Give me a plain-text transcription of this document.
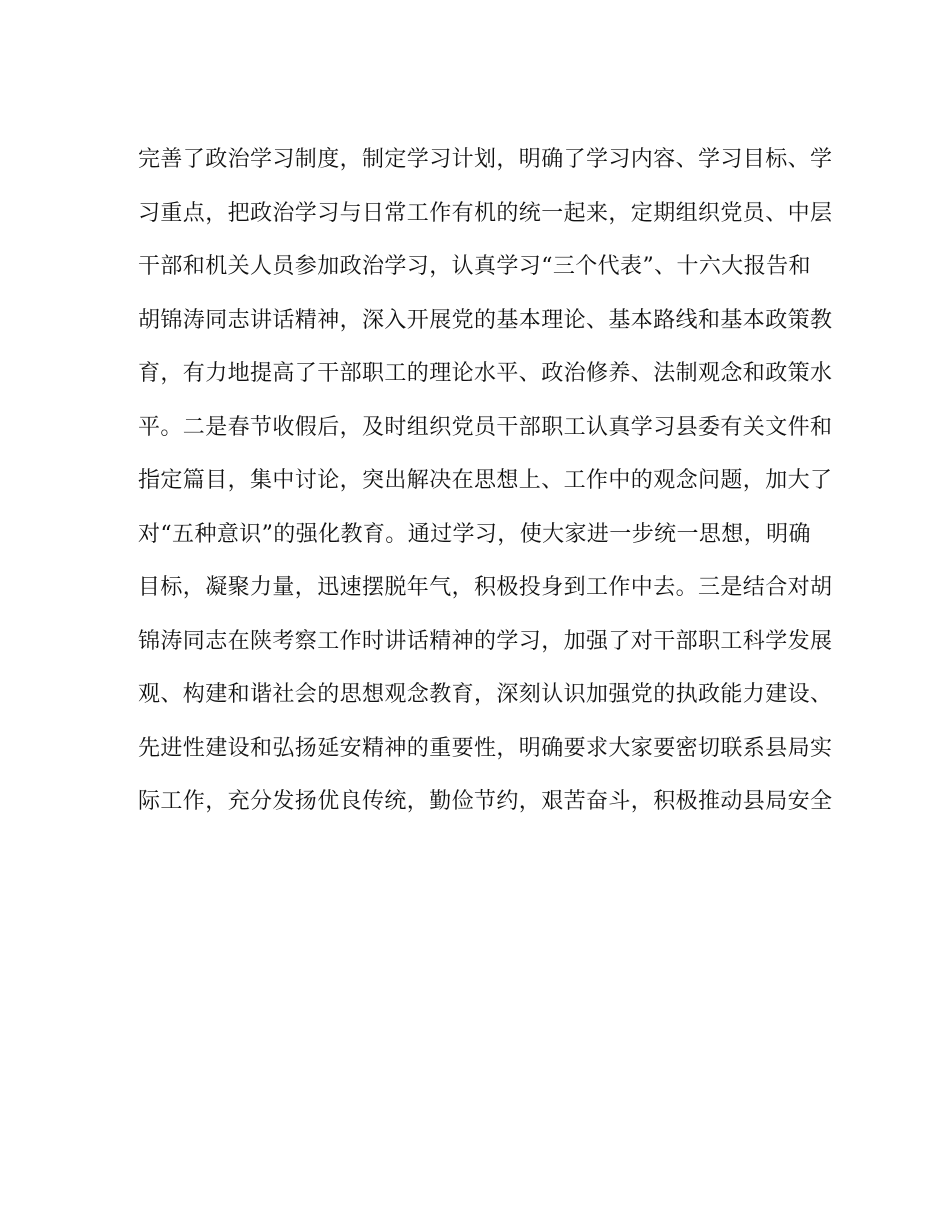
完善了政治学习制度，制定学习计划，明确了学习内容、学习目标、学
习重点，把政治学习与日常工作有机的统一起来，定期组织党员、中层
干部和机关人员参加政治学习，认真学习“三个代表”、十六大报告和
胡锦涛同志讲话精神，深入开展党的基本理论、基本路线和基本政策教
育，有力地提高了干部职工的理论水平、政治修养、法制观念和政策水
平。二是春节收假后，及时组织党员干部职工认真学习县委有关文件和
指定篇目，集中讨论，突出解决在思想上、工作中的观念问题，加大了
对“五种意识”的强化教育。通过学习，使大家进一步统一思想，明确
目标，凝聚力量，迅速摆脱年气，积极投身到工作中去。三是结合对胡
锦涛同志在陕考察工作时讲话精神的学习，加强了对干部职工科学发展
观、构建和谐社会的思想观念教育，深刻认识加强党的执政能力建设、
先进性建设和弘扬延安精神的重要性，明确要求大家要密切联系县局实
际工作，充分发扬优良传统，勤俭节约，艰苦奋斗，积极推动县局安全
